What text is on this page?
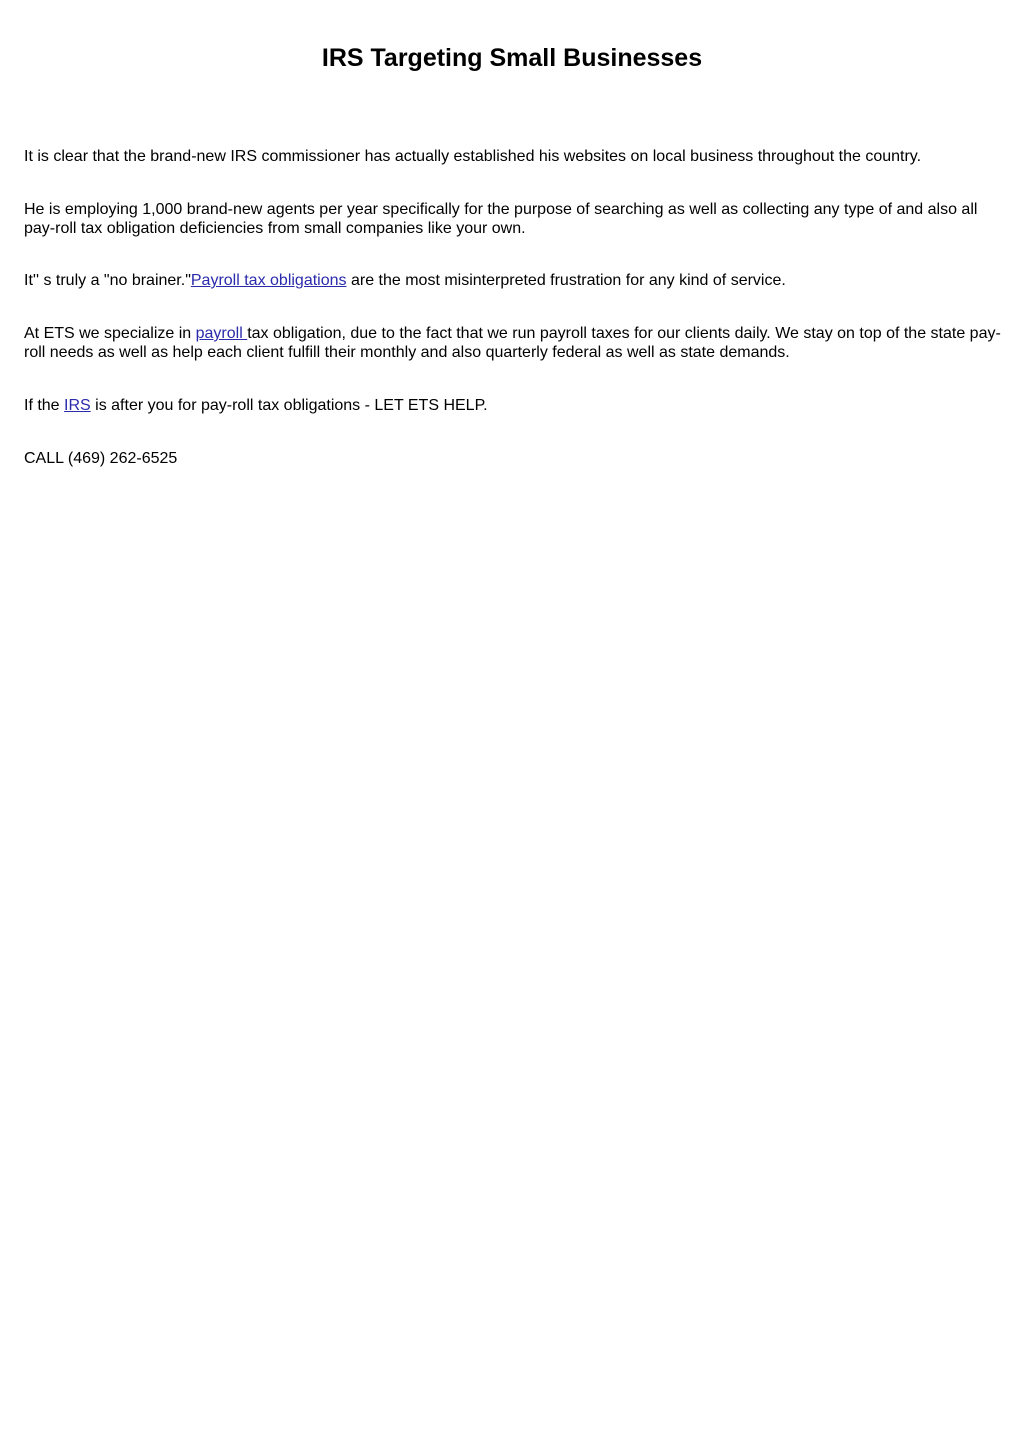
IRS Targeting Small Businesses

It is clear that the brand-new IRS commissioner has actually established his websites on local business throughout the country.

He is employing 1,000 brand-new agents per year specifically for the purpose of searching as well as collecting any type of and also all pay-roll tax obligation deficiencies from small companies like your own.

It'' s truly a "no brainer."Payroll tax obligations are the most misinterpreted frustration for any kind of service.

At ETS we specialize in payroll tax obligation, due to the fact that we run payroll taxes for our clients daily. We stay on top of the state pay-roll needs as well as help each client fulfill their monthly and also quarterly federal as well as state demands.

If the IRS is after you for pay-roll tax obligations - LET ETS HELP.

CALL (469) 262-6525
